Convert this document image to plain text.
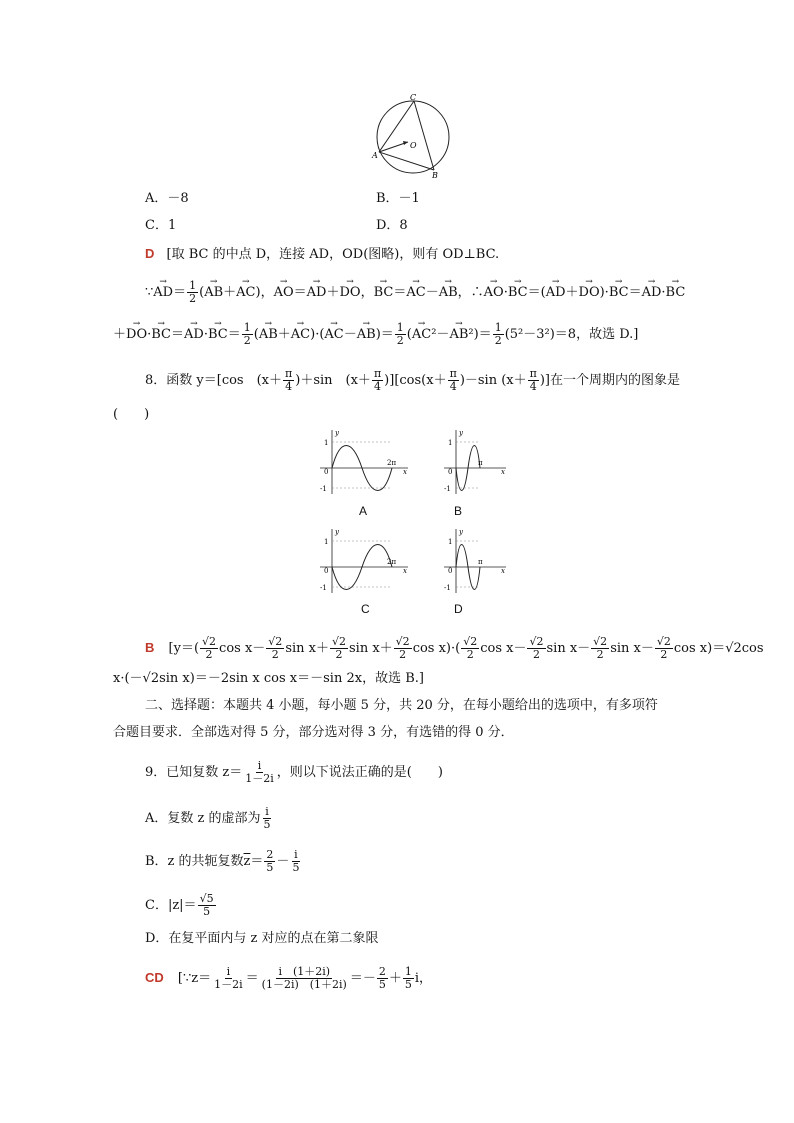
C
A
B
O
A．－8	B．－1
C．1	D．8
D [取 BC 的中点 D，连接 AD，OD(图略)，则有 OD⊥BC.
∵→ $AD= \frac{1}{2}$ (→ AB＋→ AC)，→ AO＝→ AD＋→ DO，→ BC＝→ AC－→ AB，∴→ AO·→ BC＝(→ AD＋→ DO)·→ BC＝→ AD·→ BC
＋→ $DO\cdot\to BC=\to AD\cdot\to BC= \frac{1}{2}$ (→ $AB+\to AC)\cdot(\to AC-\to AB)= \frac{1}{2}$ (→ $AC^2-\to AB^2)= \frac{1}{2} (5^2-3^2)=8$，故选 D.]
8．函数 y＝[cos　$(x+ \frac{\pi}{4} )+\sin$　$(x+ \frac{\pi}{4} )][\cos(x+ \frac{\pi}{4} )-\sin$ ($x+ \frac{\pi}{4}$ )]在一个周期内的图象是
(　　)
y
1
0
-1
2π
x
y
1
0
-1
π
x
A	B
y
1
0
-1
2π
x
y
1
0
-1
π
x
C	D
B [$y=( \frac{√2}{2}$ $\cos x- \frac{√2}{2}$ $\sin x+ \frac{√2}{2}$ $\sin x+ \frac{√2}{2}$ $\cos x)\cdot( \frac{√2}{2}$ $\cos x- \frac{√2}{2}$ $\sin x- \frac{√2}{2}$ $\sin x- \frac{√2}{2}$ cos x)＝√2cos
x·(－√2sin x)＝－2sin x cos x＝－sin 2x，故选 B.]
二、选择题：本题共 4 小题，每小题 5 分，共 20 分，在每小题给出的选项中，有多项符
合题目要求．全部选对得 5 分，部分选对得 3 分，有选错的得 0 分．
9．已知复数 $z= \frac{i}{1-2i}$ ，则以下说法正确的是(　　)
A．复数 z 的虚部为 $\frac{i}{5}$
B．z 的共轭复数$\overline{z}= \frac{2}{5} - \frac{i}{5}$
C．$|z|= \frac{√5}{5}$
D．在复平面内与 z 对应的点在第二象限
CD [∵z＝ $\frac{i}{1-2i} = \frac{i (1+2i)}{(1-2i) (1+2i)} =- \frac{2}{5} + \frac{1}{5}$ i，
